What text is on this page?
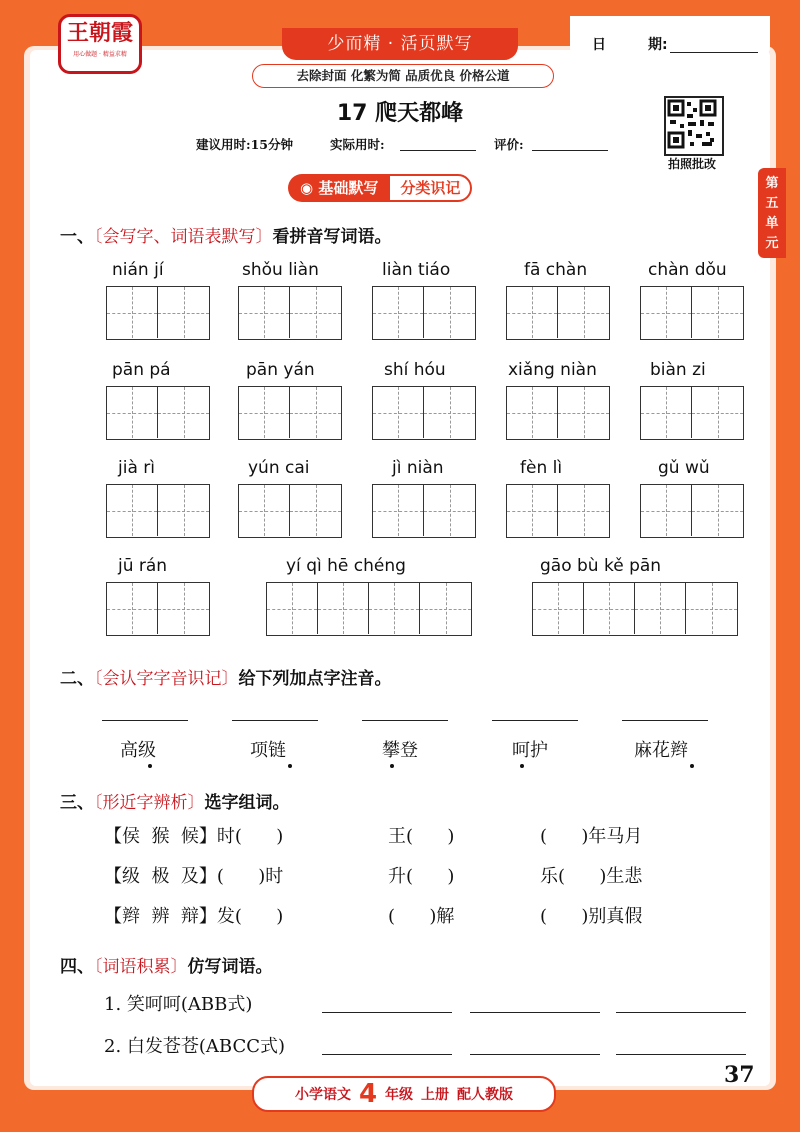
王朝霞
用心做题 · 精益求精
少而精 · 活页默写
去除封面 化繁为简 品质优良 价格公道
日	期:
17 爬天都峰
建议用时:15分钟	实际用时:	评价:
拍照批改
第五单元
◉ 基础默写	分类识记
一、〔会写字、词语表默写〕看拼音写词语。
nián jí	shǒu liàn	liàn tiáo	fā chàn	chàn dǒu
pān pá	pān yán	shí hóu	xiǎng niàn	biàn zi
jià rì	yún cai	jì niàn	fèn lì	gǔ wǔ
jū rán	yí qì hē chéng	gāo bù kě pān
二、〔会认字字音识记〕给下列加点字注音。
高级	项链	攀登	呵护	麻花辫
三、〔形近字辨析〕选字组词。
【侯  猴  候】时(      )	王(      )	(      )年马月
【级  极  及】(      )时	升(      )	乐(      )生悲
【辫  辨  辩】发(      )	(      )解	(      )别真假
四、〔词语积累〕仿写词语。
1. 笑呵呵(ABB式)
2. 白发苍苍(ABCC式)
小学语文 4 年级 上册 配人教版
37
